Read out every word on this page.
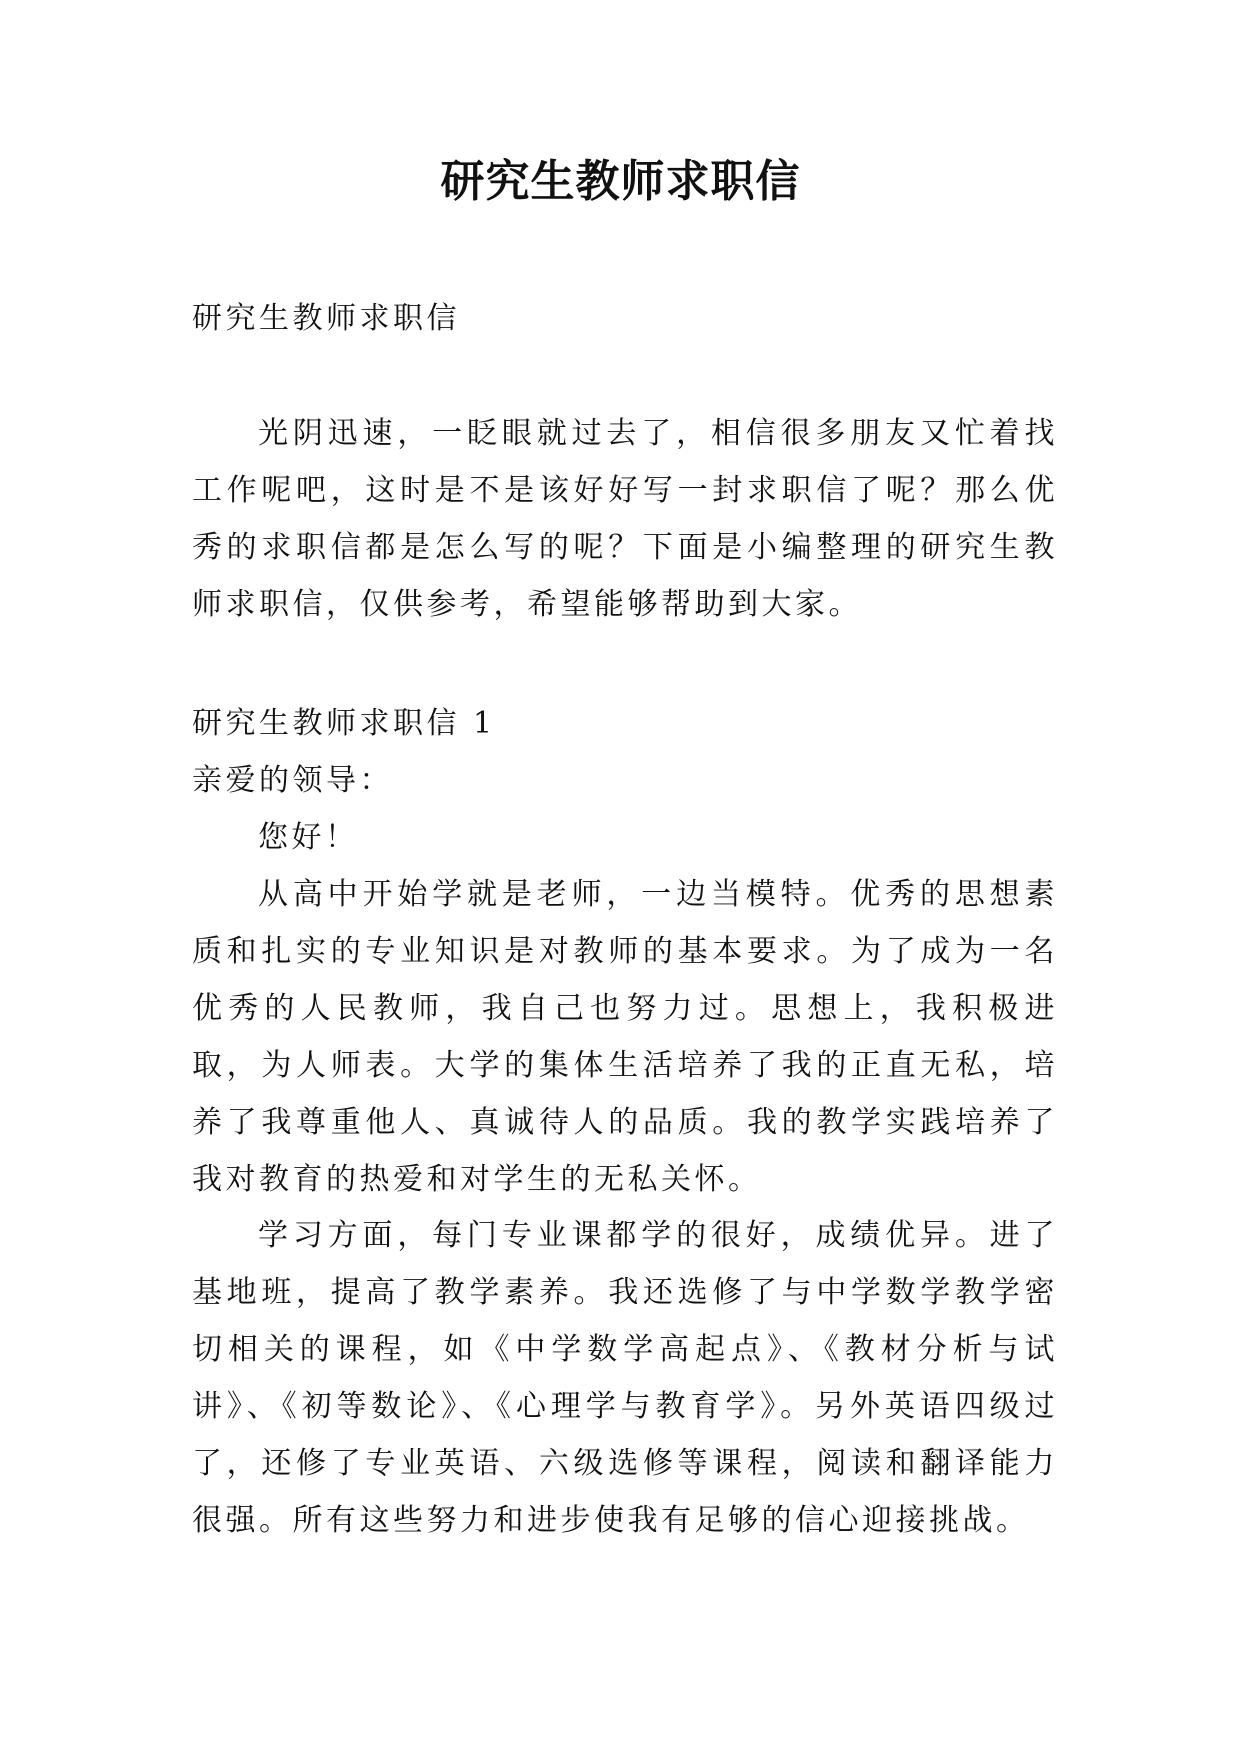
研究生教师求职信

研究生教师求职信

光阴迅速，一眨眼就过去了，相信很多朋友又忙着找工作呢吧，这时是不是该好好写一封求职信了呢？那么优秀的求职信都是怎么写的呢？下面是小编整理的研究生教师求职信，仅供参考，希望能够帮助到大家。

研究生教师求职信 1

亲爱的领导：

您好！

从高中开始学就是老师，一边当模特。优秀的思想素质和扎实的专业知识是对教师的基本要求。为了成为一名优秀的人民教师，我自己也努力过。思想上，我积极进取，为人师表。大学的集体生活培养了我的正直无私，培养了我尊重他人、真诚待人的品质。我的教学实践培养了我对教育的热爱和对学生的无私关怀。

学习方面，每门专业课都学的很好，成绩优异。进了基地班，提高了教学素养。我还选修了与中学数学教学密切相关的课程，如《中学数学高起点》、《教材分析与试讲》、《初等数论》、《心理学与教育学》。另外英语四级过了，还修了专业英语、六级选修等课程，阅读和翻译能力很强。所有这些努力和进步使我有足够的信心迎接挑战。
